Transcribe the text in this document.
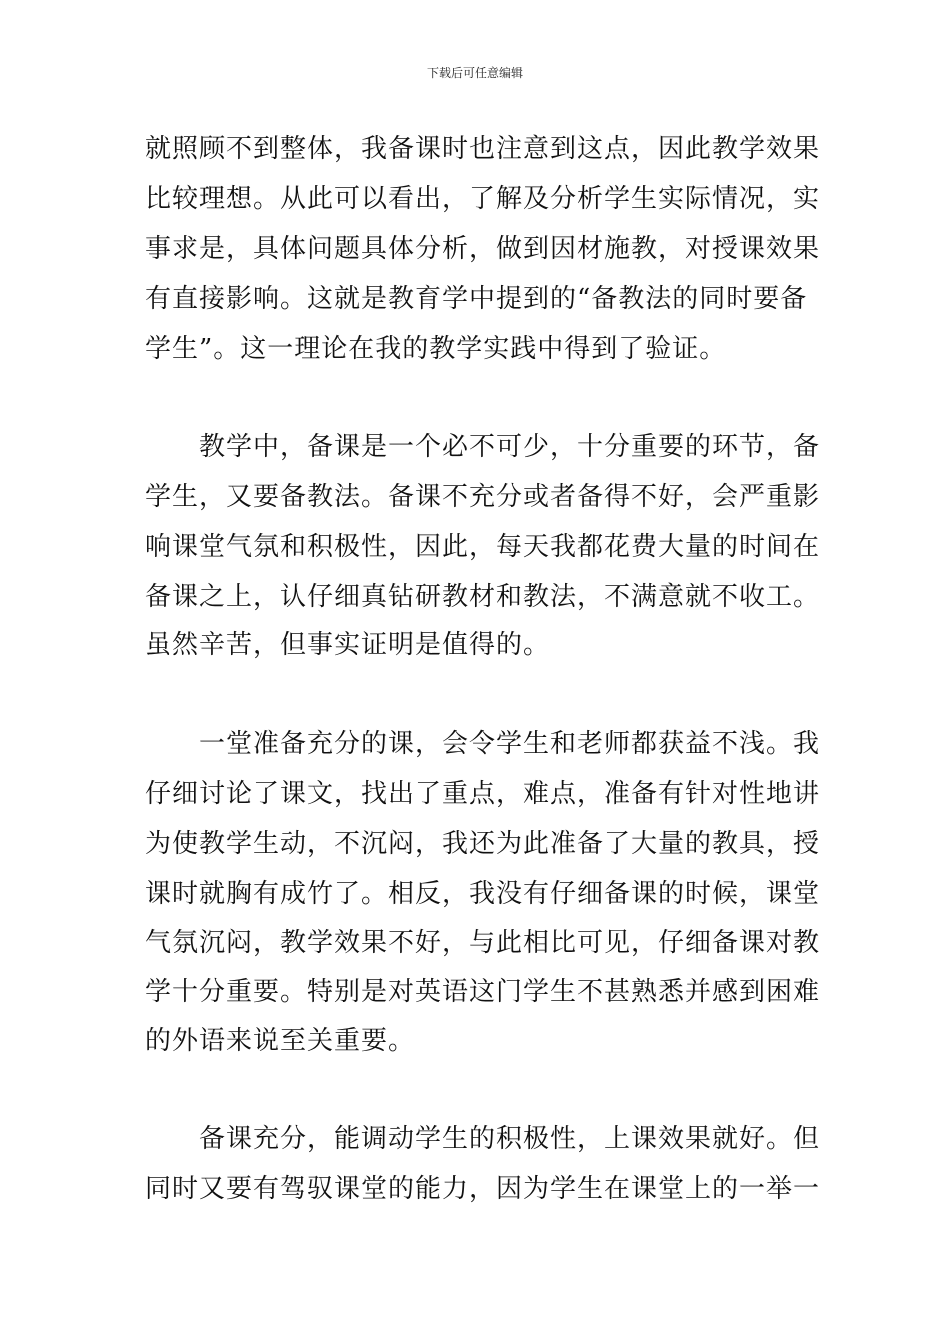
下载后可任意编辑
就照顾不到整体，我备课时也注意到这点，因此教学效果
比较理想。从此可以看出，了解及分析学生实际情况，实
事求是，具体问题具体分析，做到因材施教，对授课效果
有直接影响。这就是教育学中提到的“备教法的同时要备
学生”。这一理论在我的教学实践中得到了验证。
　　教学中，备课是一个必不可少，十分重要的环节，备
学生，又要备教法。备课不充分或者备得不好，会严重影
响课堂气氛和积极性，因此，每天我都花费大量的时间在
备课之上，认仔细真钻研教材和教法，不满意就不收工。
虽然辛苦，但事实证明是值得的。
　　一堂准备充分的课，会令学生和老师都获益不浅。我
仔细讨论了课文，找出了重点，难点，准备有针对性地讲
为使教学生动，不沉闷，我还为此准备了大量的教具，授
课时就胸有成竹了。相反，我没有仔细备课的时候，课堂
气氛沉闷，教学效果不好，与此相比可见，仔细备课对教
学十分重要。特别是对英语这门学生不甚熟悉并感到困难
的外语来说至关重要。
　　备课充分，能调动学生的积极性，上课效果就好。但
同时又要有驾驭课堂的能力，因为学生在课堂上的一举一
